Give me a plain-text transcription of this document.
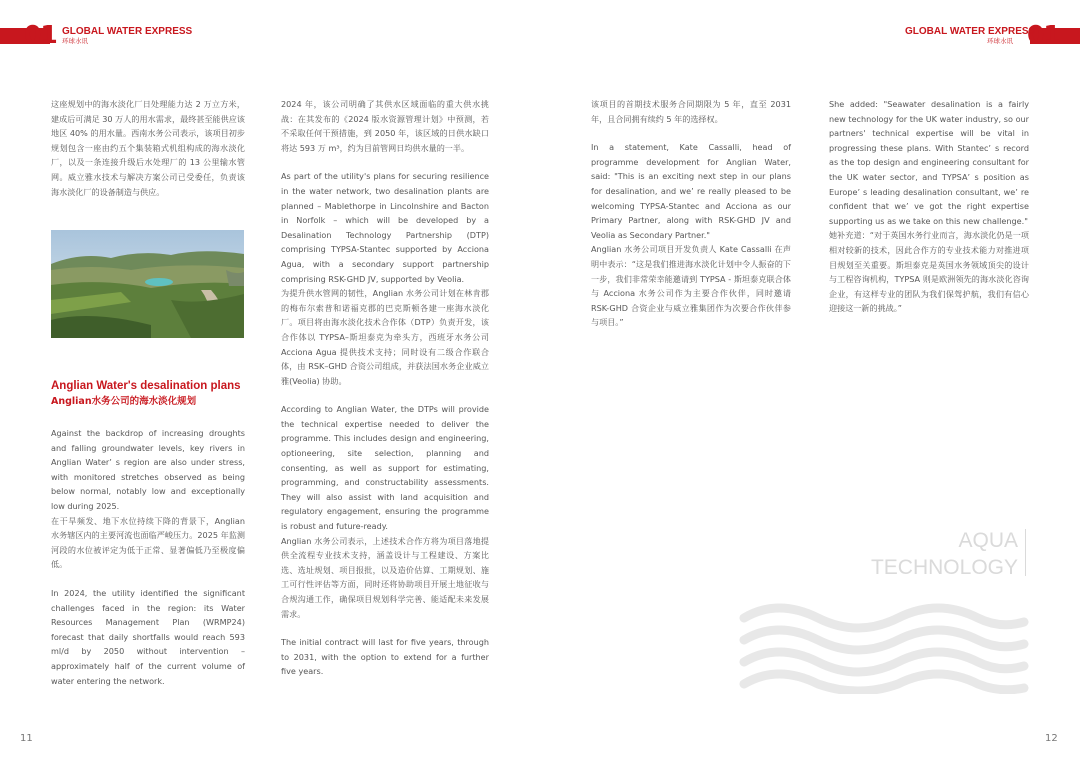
01 GLOBAL WATER EXPRESS
环球水讯	01
GLOBAL WATER EXPRESS
环球水讯

这座规划中的海水淡化厂日处理能力达 2 万立方米，建成后可满足 30 万人的用水需求，最终甚至能供应该地区 40% 的用水量。西南水务公司表示，该项目初步规划包含一座由约五个集装箱式机组构成的海水淡化厂，以及一条连接升级后水处理厂的 13 公里输水管网。威立雅水技术与解决方案公司已受委任，负责该海水淡化厂的设备制造与供应。

Anglian Water's desalination plans
Anglian水务公司的海水淡化规划

Against the backdrop of increasing droughts and falling groundwater levels, key rivers in Anglian Water’ s region are also under stress, with monitored stretches observed as being below normal, notably low and exceptionally low during 2025.

在干旱频发、地下水位持续下降的背景下，Anglian 水务辖区内的主要河流也面临严峻压力。2025 年监测河段的水位被评定为低于正常、显著偏低乃至极度偏低。

In 2024, the utility identified the significant challenges faced in the region: its Water Resources Management Plan (WRMP24) forecast that daily shortfalls would reach 593 ml/d by 2050 without intervention – approximately half of the current volume of water entering the network.

2024 年，该公司明确了其供水区域面临的重大供水挑战：在其发布的《2024 版水资源管理计划》中预测，若不采取任何干预措施，到 2050 年，该区域的日供水缺口将达 593 万 m³，约为目前管网日均供水量的一半。

As part of the utility's plans for securing resilience in the water network, two desalination plants are planned – Mablethorpe in Lincolnshire and Bacton in Norfolk – which will be developed by a Desalination Technology Partnership (DTP) comprising TYPSA-Stantec supported by Acciona Agua, with a secondary support partnership comprising RSK-GHD JV, supported by Veolia.

为提升供水管网的韧性，Anglian 水务公司计划在林肯郡的梅布尔索普和诺福克郡的巴克斯顿各建一座海水淡化厂。项目将由海水淡化技术合作体（DTP）负责开发，该合作体以 TYPSA–斯坦泰克为牵头方，西班牙水务公司 Acciona Agua 提供技术支持；同时设有二级合作联合体，由 RSK–GHD 合资公司组成，并获法国水务企业威立雅(Veolia) 协助。

According to Anglian Water, the DTPs will provide the technical expertise needed to deliver the programme. This includes design and engineering, optioneering, site selection, planning and consenting, as well as support for estimating, programming, and constructability assessments. They will also assist with land acquisition and regulatory engagement, ensuring the programme is robust and future-ready.

Anglian 水务公司表示，上述技术合作方将为项目落地提供全流程专业技术支持，涵盖设计与工程建设、方案比选、选址规划、项目报批，以及造价估算、工期规划、施工可行性评估等方面，同时还将协助项目开展土地征收与合规沟通工作，确保项目规划科学完善、能适配未来发展需求。

The initial contract will last for five years, through to 2031, with the option to extend for a further five years.

该项目的首期技术服务合同期限为 5 年，直至 2031 年，且合同拥有续约 5 年的选择权。

In a statement, Kate Cassalli, head of programme development for Anglian Water, said: "This is an exciting next step in our plans for desalination, and we’ re really pleased to be welcoming TYPSA-Stantec and Acciona as our Primary Partner, along with RSK-GHD JV and Veolia as Secondary Partner."

Anglian 水务公司项目开发负责人 Kate Cassalli 在声明中表示：“这是我们推进海水淡化计划中令人振奋的下一步，我们非常荣幸能邀请到 TYPSA - 斯坦泰克联合体与 Acciona 水务公司作为主要合作伙伴，同时邀请 RSK-GHD 合资企业与威立雅集团作为次要合作伙伴参与项目。”

She added: "Seawater desalination is a fairly new technology for the UK water industry, so our partners' technical expertise will be vital in progressing these plans. With Stantec’ s record as the top design and engineering consultant for the UK water sector, and TYPSA’ s position as Europe’ s leading desalination consultant, we’ re confident that we’ ve got the right expertise supporting us as we take on this new challenge."

她补充道：“对于英国水务行业而言，海水淡化仍是一项相对较新的技术，因此合作方的专业技术能力对推进项目规划至关重要。斯坦泰克是英国水务领域顶尖的设计与工程咨询机构，TYPSA 则是欧洲领先的海水淡化咨询企业，有这样专业的团队为我们保驾护航，我们有信心迎接这一新的挑战。”

AQUA
TECHNOLOGY
11	12
